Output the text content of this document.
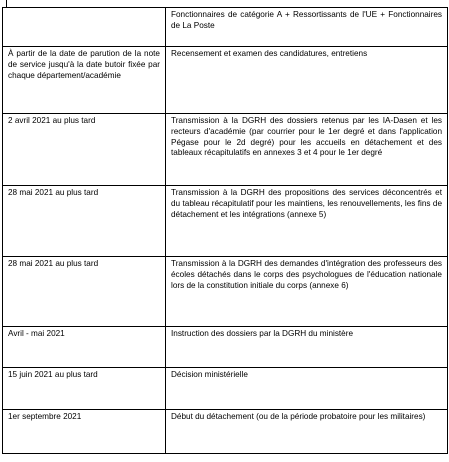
	Fonctionnaires de catégorie A + Ressortissants de l'UE + Fonctionnaires de La Poste
À partir de la date de parution de la note de service jusqu'à la date butoir fixée par chaque département/académie	Recensement et examen des candidatures, entretiens
2 avril 2021 au plus tard	Transmission à la DGRH des dossiers retenus par les IA-Dasen et les recteurs d'académie (par courrier pour le 1er degré et dans l'application Pégase pour le 2d degré) pour les accueils en détachement et des tableaux récapitulatifs en annexes 3 et 4 pour le 1er degré
28 mai 2021 au plus tard	Transmission à la DGRH des propositions des services déconcentrés et du tableau récapitulatif pour les maintiens, les renouvellements, les fins de détachement et les intégrations (annexe 5)
28 mai 2021 au plus tard	Transmission à la DGRH des demandes d'intégration des professeurs des écoles détachés dans le corps des psychologues de l'éducation nationale lors de la constitution initiale du corps (annexe 6)
Avril - mai 2021	Instruction des dossiers par la DGRH du ministère
15 juin 2021 au plus tard	Décision ministérielle
1er septembre 2021	Début du détachement (ou de la période probatoire pour les militaires)
